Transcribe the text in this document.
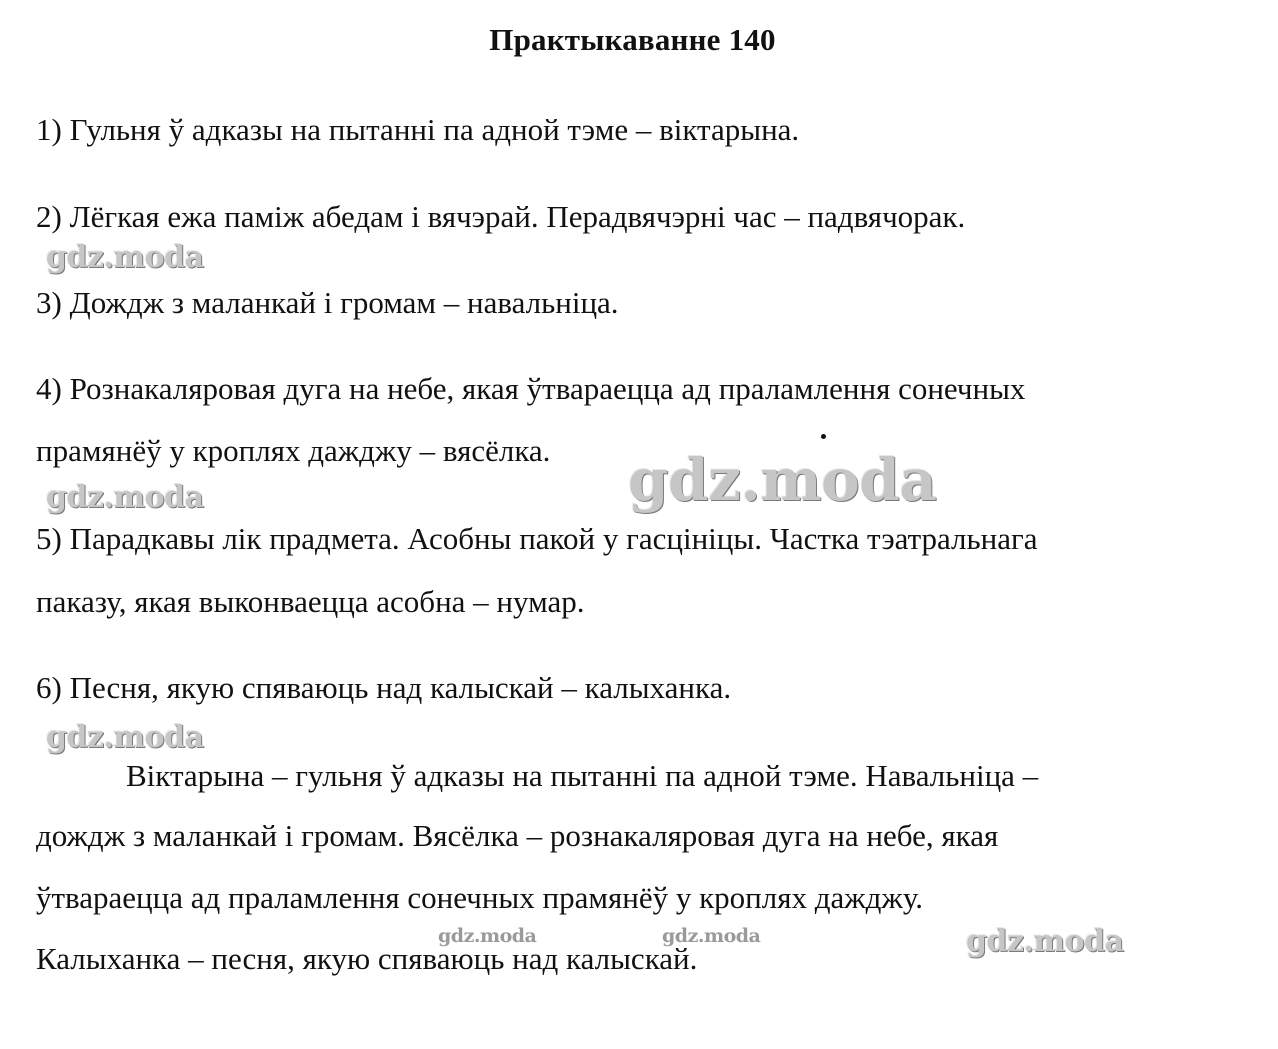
Практыкаванне 140
1) Гульня ў адказы на пытанні па адной тэме – віктарына.
2) Лёгкая ежа паміж абедам і вячэрай. Перадвячэрні час – падвячорак.
3) Дождж з маланкай і громам – навальніца.
4) Рознакаляровая дуга на небе, якая ўтвараецца ад праламлення сонечных
прамянёў у кроплях дажджу – вясёлка.
5) Парадкавы лік прадмета. Асобны пакой у гасцініцы. Частка тэатральнага
паказу, якая выконваецца асобна – нумар.
6) Песня, якую спяваюць над калыскай – калыханка.
Віктарына – гульня ў адказы на пытанні па адной тэме. Навальніца –
дождж з маланкай і громам. Вясёлка – рознакаляровая дуга на небе, якая
ўтвараецца ад праламлення сонечных прамянёў у кроплях дажджу.
Калыханка – песня, якую спяваюць над калыскай.
gdz.moda
gdz.moda
gdz.moda
gdz.moda
gdz.moda
gdz.moda	gdz.moda
